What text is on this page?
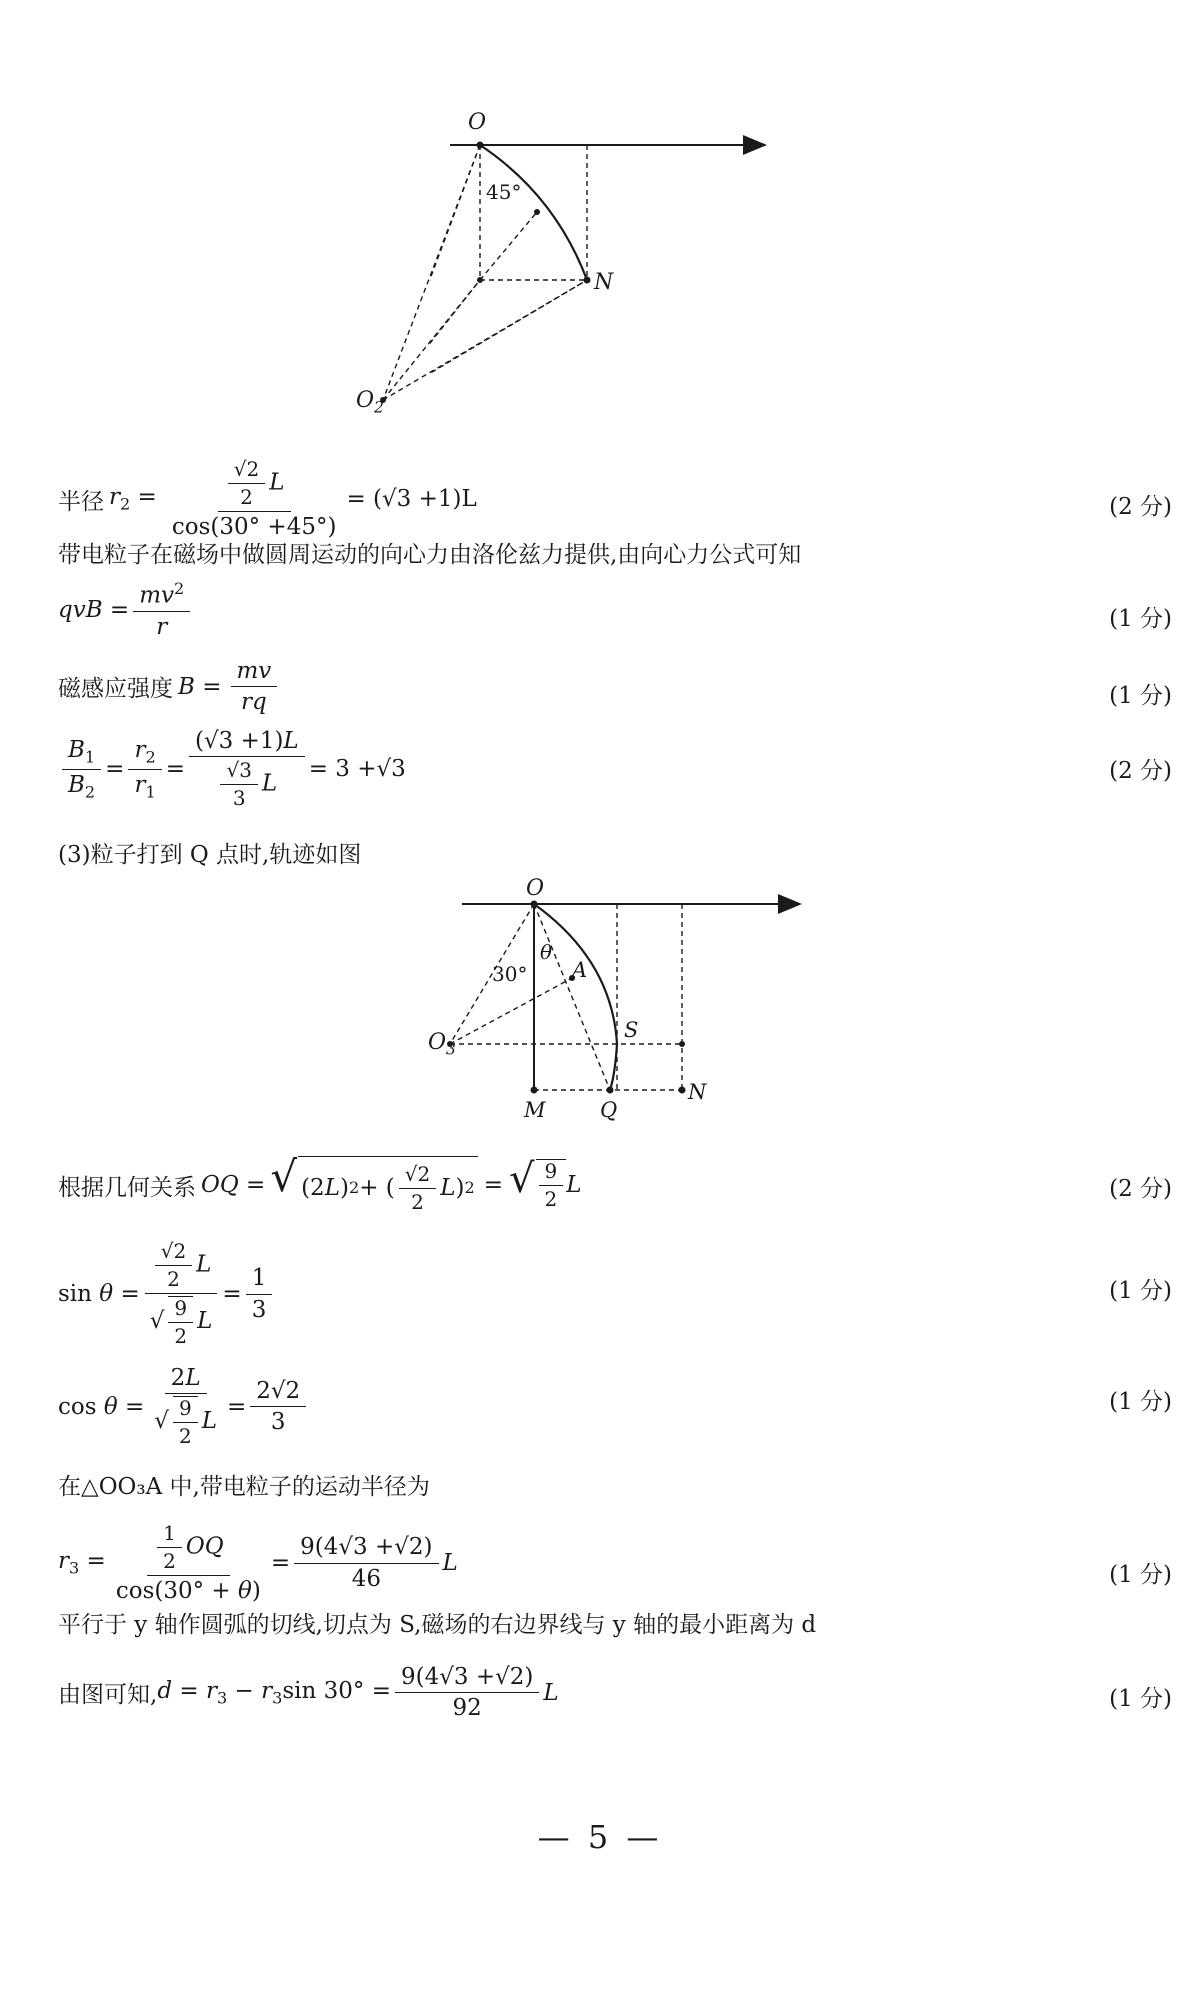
O
N
$O_2$
45°
半径 $r_2 = \frac{\frac{√2}{2} L}{\cos(30^\circ +45^\circ)} = (√3 +1)L$	(2 分)
带电粒子在磁场中做圆周运动的向心力由洛伦兹力提供,由向心力公式可知
qvB = $\frac{mv^2}{r}$	(1 分)
磁感应强度 $B = \frac{mv}{rq}$	(1 分)
$\frac{B_1}{B_2} = \frac{r_2}{r_1} = \frac{(√3 +1)L}{\frac{√3}{3} L} = 3 +√3$	(2 分)
(3)粒子打到 Q 点时,轨迹如图
O
$O_3$
30°
θ
A
S
M	Q
N
根据几何关系 OQ = √ (2 L ) 2 + ( $\frac{√2}{2}$ L ) 2 = √ $\frac{9}{2}$ L	(2 分)
$\sin \theta = \frac{\frac{√2}{2} L}{√ \frac{9}{2} L} = \frac{1}{3}$	(1 分)
$\cos \theta = \frac{2L}{√ \frac{9}{2} L} = \frac{2√2}{3}$	(1 分)
在△OO₃A 中,带电粒子的运动半径为
$r_3 = \frac{\frac{1}{2} OQ}{\cos(30^\circ + \theta)} = \frac{9(4√3 +√2)}{46}$ L	(1 分)
平行于 y 轴作圆弧的切线,切点为 S,磁场的右边界线与 y 轴的最小距离为 d
由图可知, $d = r_3 - r_3\sin$ $30^\circ = \frac{9(4√3 +√2)}{92}$ L	(1 分)
— 5 —
